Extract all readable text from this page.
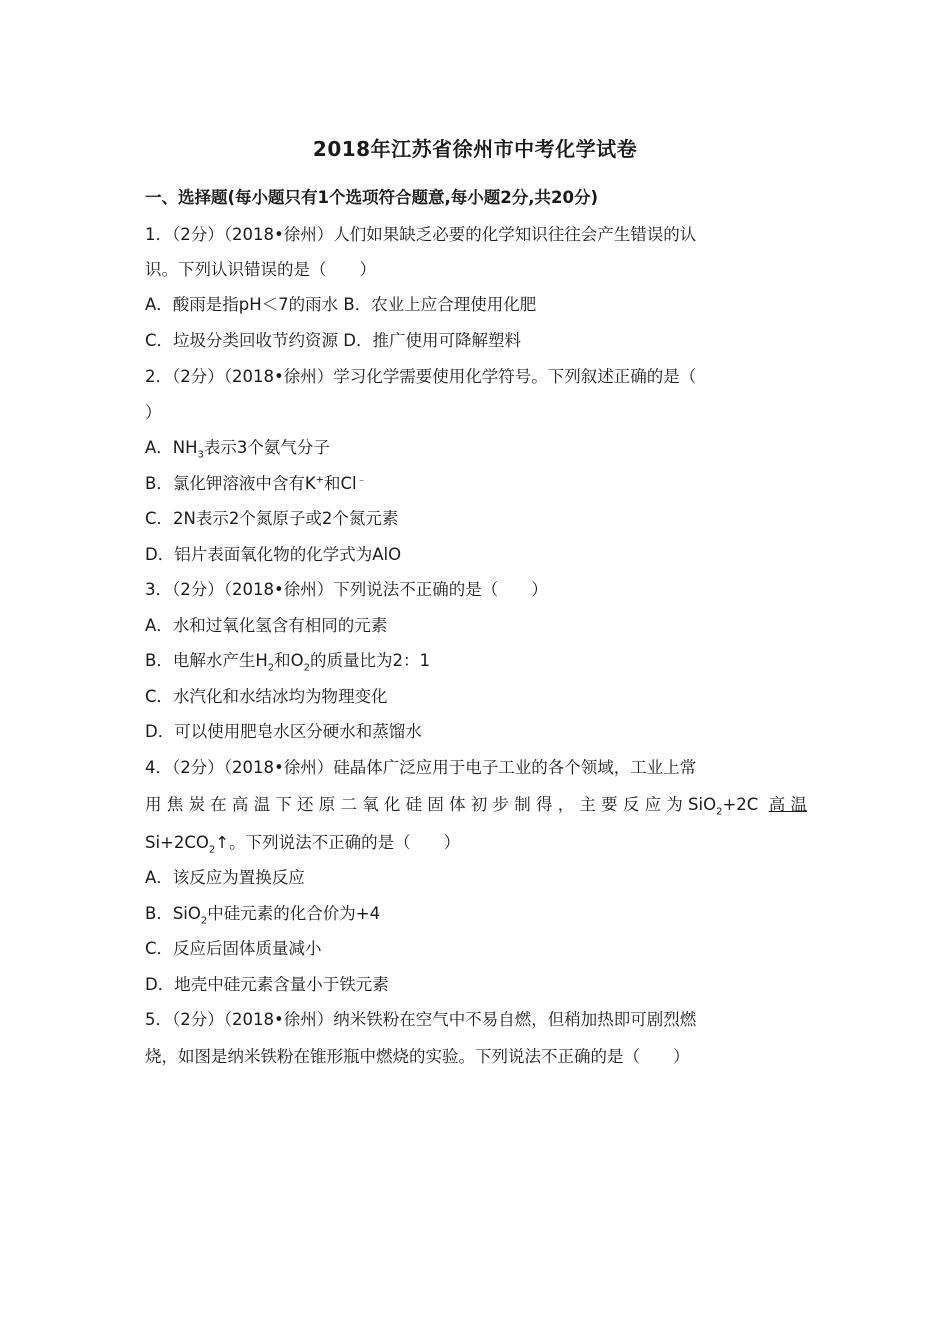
2018年江苏省徐州市中考化学试卷
一、选择题(每小题只有1个选项符合题意,每小题2分,共20分)
1．（2分）（2018•徐州）人们如果缺乏必要的化学知识往往会产生错误的认
识。下列认识错误的是（　　）
A．酸雨是指pH＜7的雨水 B．农业上应合理使用化肥
C．垃圾分类回收节约资源 D．推广使用可降解塑料
2．（2分）（2018•徐州）学习化学需要使用化学符号。下列叙述正确的是（
）
A．$NH_3$表示3个氨气分子
B．氯化钾溶液中含有K+和Cl﹣
C．2N表示2个氮原子或2个氮元素
D．铝片表面氧化物的化学式为AlO
3．（2分）（2018•徐州）下列说法不正确的是（　　）
A．水和过氧化氢含有相同的元素
B．电解水产生$H_2$和$O_2$的质量比为2：1
C．水汽化和水结冰均为物理变化
D．可以使用肥皂水区分硬水和蒸馏水
4．（2分）（2018•徐州）硅晶体广泛应用于电子工业的各个领域，工业上常
用焦炭在高温下还原二氧化硅固体初步制得，主要反应为SiO$_2$+2C 高温
$Si+2CO_2↑$。下列说法不正确的是（　　）
A．该反应为置换反应
B．SiO$_2$中硅元素的化合价为+4
C．反应后固体质量减小
D．地壳中硅元素含量小于铁元素
5．（2分）（2018•徐州）纳米铁粉在空气中不易自燃，但稍加热即可剧烈燃
烧，如图是纳米铁粉在锥形瓶中燃烧的实验。下列说法不正确的是（　　）
